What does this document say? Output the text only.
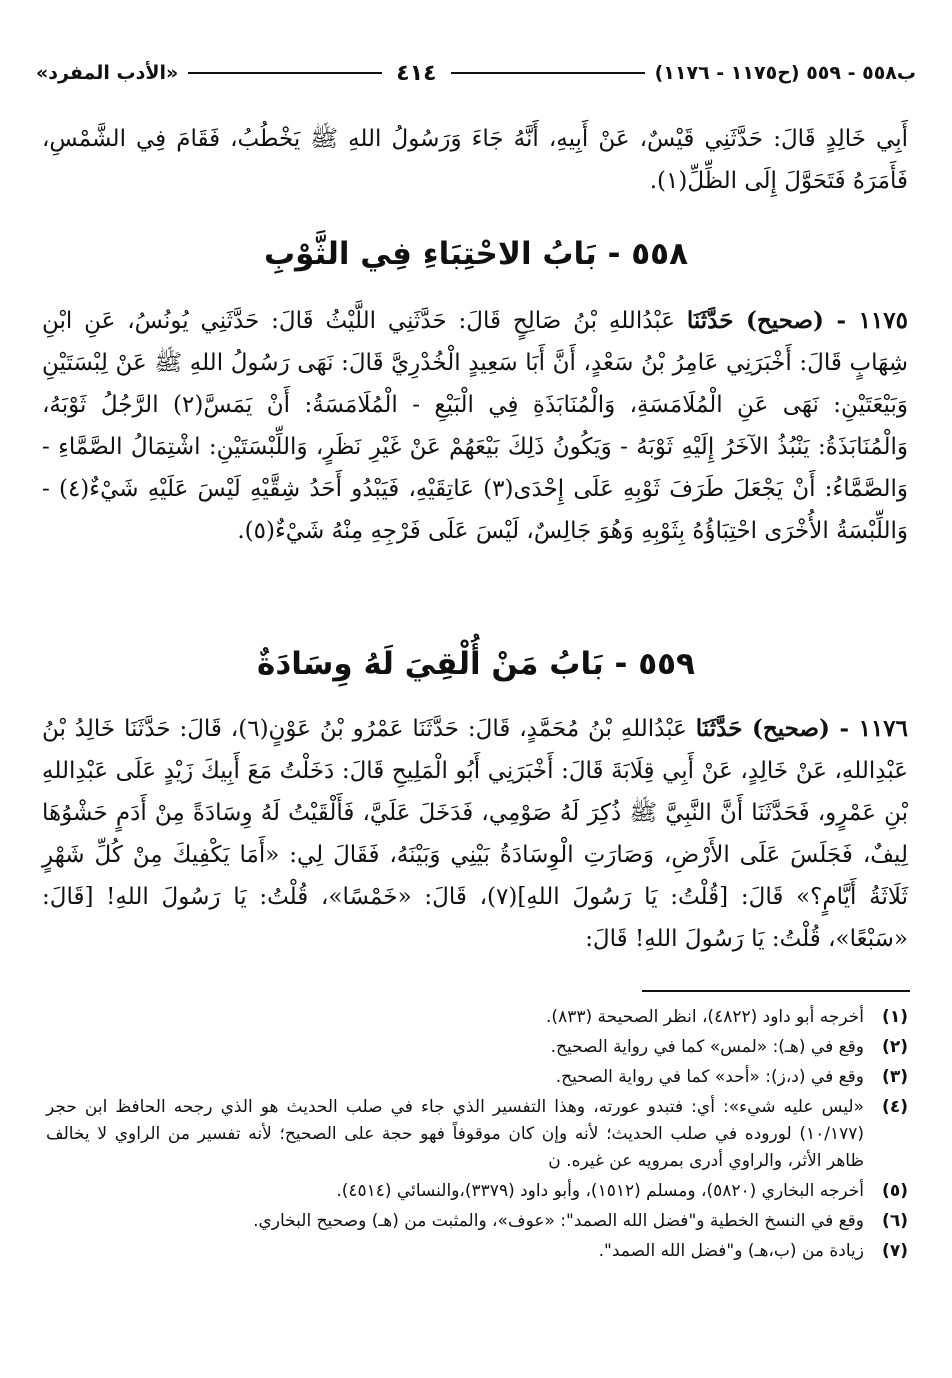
ب٥٥٨ - ٥٥٩ (ح١١٧٥ - ١١٧٦)
٤١٤
«الأدب المفرد»

أَبِي خَالِدٍ قَالَ: حَدَّثَنِي قَيْسٌ، عَنْ أَبِيهِ، أَنَّهُ جَاءَ وَرَسُولُ اللهِ ﷺ يَخْطُبُ، فَقَامَ فِي الشَّمْسِ، فَأَمَرَهُ فَتَحَوَّلَ إِلَى الظِّلِّ(١).

٥٥٨ - بَابُ الاحْتِبَاءِ فِي الثَّوْبِ

١١٧٥ - (صحيح) حَدَّثَنَا عَبْدُاللهِ بْنُ صَالِحٍ قَالَ: حَدَّثَنِي اللَّيْثُ قَالَ: حَدَّثَنِي يُونُسُ، عَنِ ابْنِ شِهَابٍ قَالَ: أَخْبَرَنِي عَامِرُ بْنُ سَعْدٍ، أَنَّ أَبَا سَعِيدٍ الْخُدْرِيَّ قَالَ: نَهَى رَسُولُ اللهِ ﷺ عَنْ لِبْسَتَيْنِ وَبَيْعَتَيْنِ: نَهَى عَنِ الْمُلَامَسَةِ، وَالْمُنَابَذَةِ فِي الْبَيْعِ - الْمُلَامَسَةُ: أَنْ يَمَسَّ(٢) الرَّجُلُ ثَوْبَهُ، وَالْمُنَابَذَةُ: يَنْبُذُ الآخَرُ إِلَيْهِ ثَوْبَهُ - وَيَكُونُ ذَلِكَ بَيْعَهُمْ عَنْ غَيْرِ نَظَرٍ، وَاللِّبْسَتَيْنِ: اشْتِمَالُ الصَّمَّاءِ - وَالصَّمَّاءُ: أَنْ يَجْعَلَ طَرَفَ ثَوْبِهِ عَلَى إِحْدَى(٣) عَاتِقَيْهِ، فَيَبْدُو أَحَدُ شِقَّيْهِ لَيْسَ عَلَيْهِ شَيْءٌ(٤) - وَاللِّبْسَةُ الأُخْرَى احْتِبَاؤُهُ بِثَوْبِهِ وَهُوَ جَالِسٌ، لَيْسَ عَلَى فَرْجِهِ مِنْهُ شَيْءٌ(٥).

٥٥٩ - بَابُ مَنْ أُلْقِيَ لَهُ وِسَادَةٌ

١١٧٦ - (صحيح) حَدَّثَنَا عَبْدُاللهِ بْنُ مُحَمَّدٍ، قَالَ: حَدَّثَنَا عَمْرُو بْنُ عَوْنٍ(٦)، قَالَ: حَدَّثَنَا خَالِدُ بْنُ عَبْدِاللهِ، عَنْ خَالِدٍ، عَنْ أَبِي قِلَابَةَ قَالَ: أَخْبَرَنِي أَبُو الْمَلِيحِ قَالَ: دَخَلْتُ مَعَ أَبِيكَ زَيْدٍ عَلَى عَبْدِاللهِ بْنِ عَمْرٍو، فَحَدَّثَنَا أَنَّ النَّبِيَّ ﷺ ذُكِرَ لَهُ صَوْمِي، فَدَخَلَ عَلَيَّ، فَأَلْقَيْتُ لَهُ وِسَادَةً مِنْ أَدَمٍ حَشْوُهَا لِيفٌ، فَجَلَسَ عَلَى الأَرْضِ، وَصَارَتِ الْوِسَادَةُ بَيْنِي وَبَيْنَهُ، فَقَالَ لِي: «أَمَا يَكْفِيكَ مِنْ كُلِّ شَهْرٍ ثَلَاثَةُ أَيَّامٍ؟» قَالَ: [قُلْتُ: يَا رَسُولَ اللهِ](٧)، قَالَ: «خَمْسًا»، قُلْتُ: يَا رَسُولَ اللهِ! [قَالَ: «سَبْعًا»، قُلْتُ: يَا رَسُولَ اللهِ! قَالَ:

(١)
أخرجه أبو داود (٤٨٢٢)، انظر الصحيحة (٨٣٣).
(٢)
وقع في (هـ): «لمس» كما في رواية الصحيح.
(٣)
وقع في (د،ز): «أحد» كما في رواية الصحيح.
(٤)
«ليس عليه شيء»: أي: فتبدو عورته، وهذا التفسير الذي جاء في صلب الحديث هو الذي رجحه الحافظ ابن حجر (١٠/١٧٧) لوروده في صلب الحديث؛ لأنه وإن كان موقوفاً فهو حجة على الصحيح؛ لأنه تفسير من الراوي لا يخالف ظاهر الأثر، والراوي أدرى بمرويه عن غيره. ن
(٥)
أخرجه البخاري (٥٨٢٠)، ومسلم (١٥١٢)، وأبو داود (٣٣٧٩)،والنسائي (٤٥١٤).
(٦)
وقع في النسخ الخطية و"فضل الله الصمد": «عوف»، والمثبت من (هـ) وصحيح البخاري.
(٧)
زيادة من (ب،هـ) و"فضل الله الصمد".
